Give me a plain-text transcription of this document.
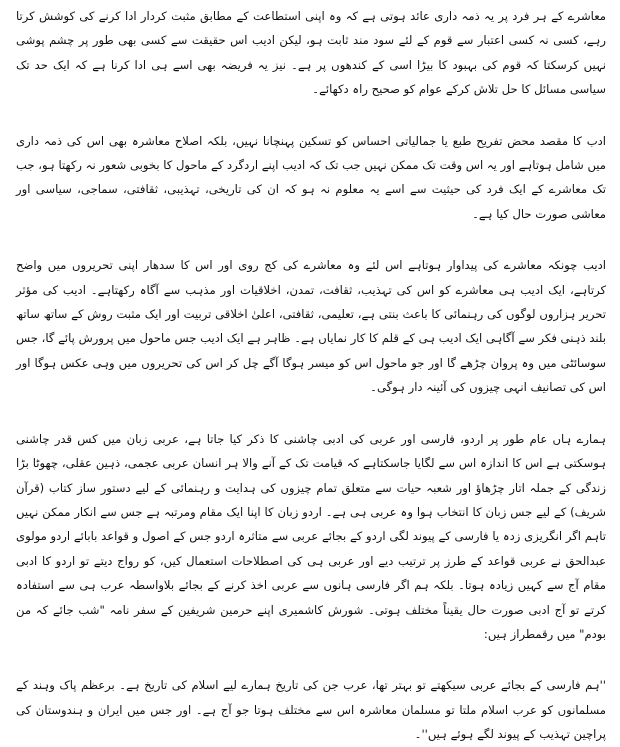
معاشرے کے ہر فرد پر یہ ذمہ داری عائد ہوتی ہے کہ وہ اپنی استطاعت کے مطابق مثبت کردار ادا کرنے کی کوشش کرتا رہے، کسی نہ کسی اعتبار سے قوم کے لئے سود مند ثابت ہو، لیکن ادیب اس حقیقت سے کسی بھی طور پر چشم پوشی نہیں کرسکتا کہ قوم کی بہبود کا بیڑا اسی کے کندھوں پر ہے۔ نیز یہ فریضہ بھی اسے ہی ادا کرنا ہے کہ ایک حد تک سیاسی مسائل کا حل تلاش کرکے عوام کو صحیح راہ دکھائے۔

ادب کا مقصد محض تفریح طبع یا جمالیاتی احساس کو تسکین پہنچانا نہیں، بلکہ اصلاح معاشرہ بھی اس کی ذمہ داری میں شامل ہوتاہے اور یہ اس وقت تک ممکن نہیں جب تک کہ ادیب اپنے اردگرد کے ماحول کا بخوبی شعور نہ رکھتا ہو، جب تک معاشرے کے ایک فرد کی حیثیت سے اسے یہ معلوم نہ ہو کہ ان کی تاریخی، تہذیبی، ثقافتی، سماجی، سیاسی اور معاشی صورت حال کیا ہے۔

ادیب چونکہ معاشرے کی پیداوار ہوتاہے اس لئے وہ معاشرے کی کج روی اور اس کا سدھار اپنی تحریروں میں واضح کرتاہے، ایک ادیب ہی معاشرے کو اس کی تہذیب، ثقافت، تمدن، اخلاقیات اور مذہب سے آگاہ رکھتاہے۔ ادیب کی مؤثر تحریر ہزاروں لوگوں کی رہنمائی کا باعث بنتی ہے، تعلیمی، ثقافتی، اعلیٰ اخلاقی تربیت اور ایک مثبت روش کے ساتھ ساتھ بلند ذہنی فکر سے آگاہی ایک ادیب ہی کے قلم کا کار نمایاں ہے۔ ظاہر ہے ایک ادیب جس ماحول میں پرورش پائے گا، جس سوسائٹی میں وہ پروان چڑھے گا اور جو ماحول اس کو میسر ہوگا آگے چل کر اس کی تحریروں میں وہی عکس ہوگا اور اس کی تصانیف انہی چیزوں کی آئینہ دار ہوگی۔

ہمارے ہاں عام طور پر اردو، فارسی اور عربی کی ادبی چاشنی کا ذکر کیا جاتا ہے، عربی زبان میں کس قدر چاشنی ہوسکتی ہے اس کا اندازہ اس سے لگایا جاسکتاہے کہ قیامت تک کے آنے والا ہر انسان عربی عجمی، ذہین عقلی، چھوٹا بڑا زندگی کے جملہ اتار چڑھاؤ اور شعبہ حیات سے متعلق تمام چیزوں کی ہدایت و رہنمائی کے لیے دستور ساز کتاب (قرآن شریف) کے لیے جس زبان کا انتخاب ہوا وہ عربی ہی ہے۔ اردو زبان کا اپنا ایک مقام ومرتبہ ہے جس سے انکار ممکن نہیں تاہم اگر انگریزی زدہ یا فارسی کے پیوند لگی اردو کے بجائے عربی سے متاثرہ اردو جس کے اصول و قواعد بابائے اردو مولوی عبدالحق نے عربی قواعد کے طرز پر ترتیب دیے اور عربی ہی کی اصطلاحات استعمال کیں، کو رواج دیتے تو اردو کا ادبی مقام آج سے کہیں زیادہ ہوتا۔ بلکہ ہم اگر فارسی ہانوں سے عربی اخذ کرنے کے بجائے بلاواسطہ عرب ہی سے استفادہ کرتے تو آج ادبی صورت حال یقیناً مختلف ہوتی۔ شورش کاشمیری اپنے حرمین شریفین کے سفر نامہ "شب جائے کہ من بودم" میں رقمطراز ہیں:

''ہم فارسی کے بجائے عربی سیکھتے تو بہتر تھا، عرب جن کی تاریخ ہمارے لیے اسلام کی تاریخ ہے۔ برعظم پاک وہند کے مسلمانوں کو عرب اسلام ملتا تو مسلمان معاشرہ اس سے مختلف ہوتا جو آج ہے۔ اور جس میں ایران و ہندوستان کی پراچین تہذیب کے پیوند لگے ہوئے ہیں''۔
